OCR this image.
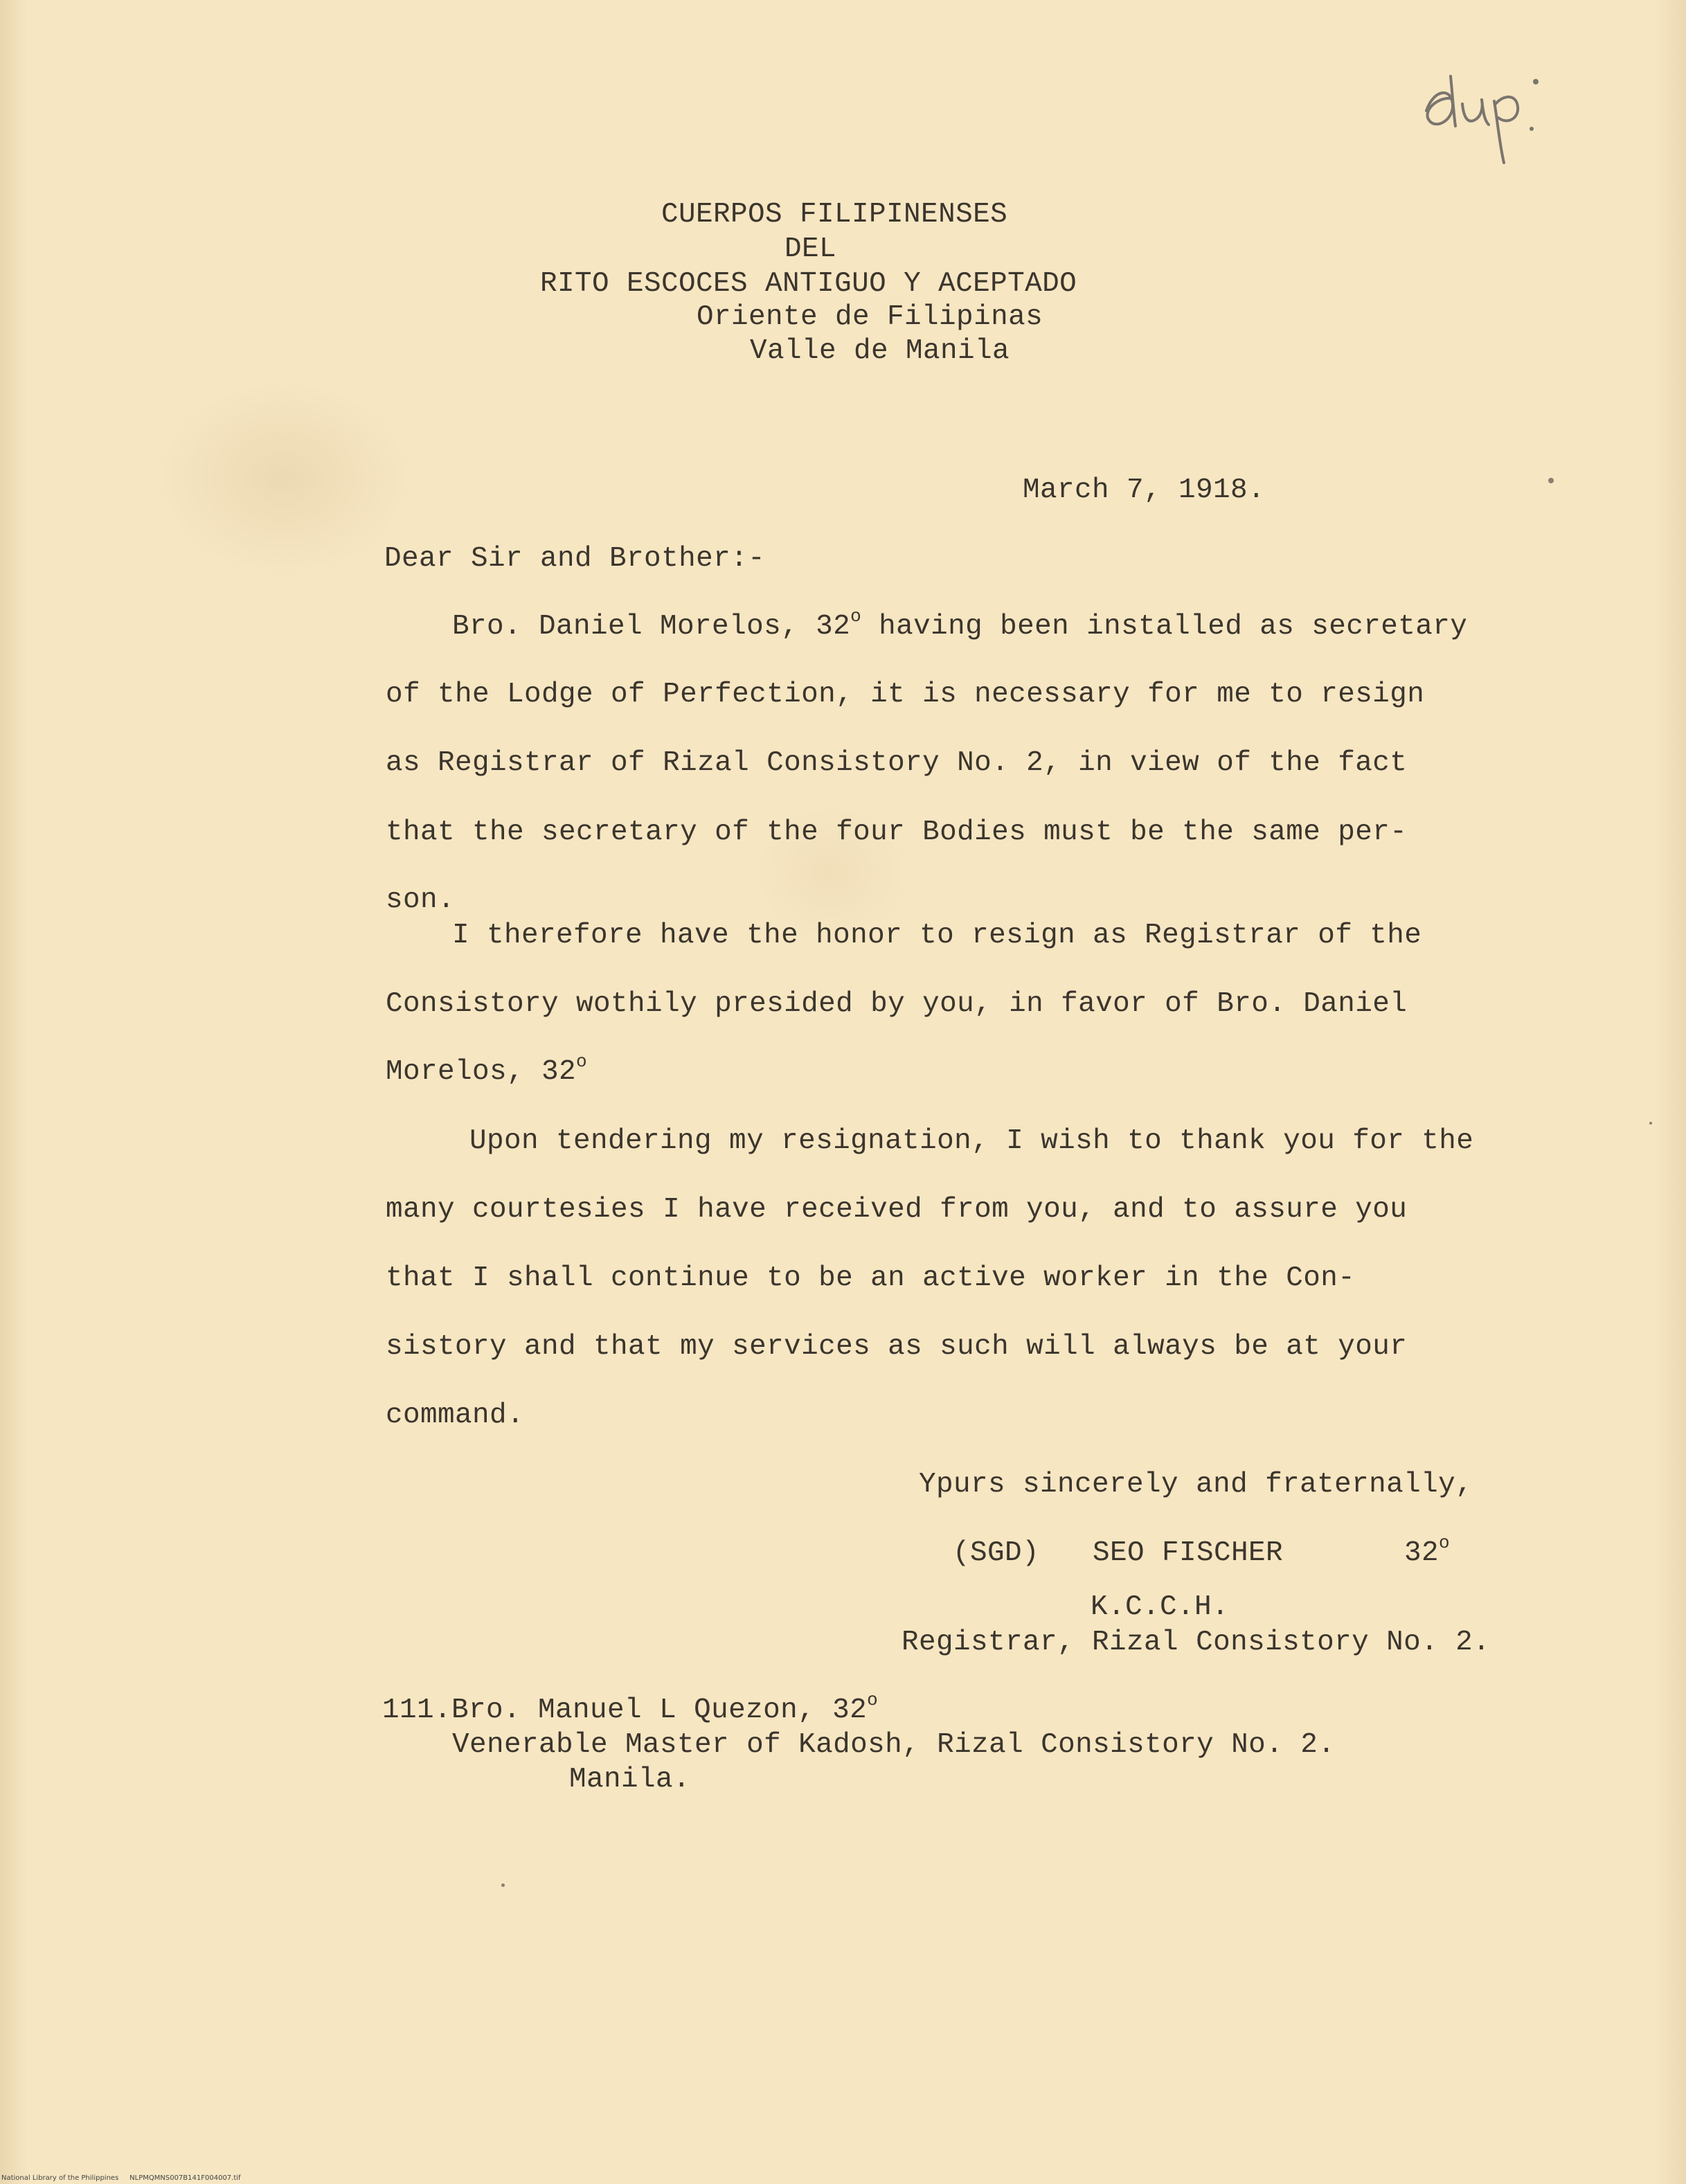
CUERPOS FILIPINENSES
DEL
RITO ESCOCES ANTIGUO Y ACEPTADO
Oriente de Filipinas
Valle de Manila
March 7, 1918.
Dear Sir and Brother:-
Bro. Daniel Morelos, 32$^o$ having been installed as secretary
of the Lodge of Perfection, it is necessary for me to resign
as Registrar of Rizal Consistory No. 2, in view of the fact
that the secretary of the four Bodies must be the same per-
son.
I therefore have the honor to resign as Registrar of the
Consistory wothily presided by you, in favor of Bro. Daniel
Morelos, 32$^o$
Upon tendering my resignation, I wish to thank you for the
many courtesies I have received from you, and to assure you
that I shall continue to be an active worker in the Con-
sistory and that my services as such will always be at your
command.
Ypurs sincerely and fraternally,
(SGD) SEO FISCHER	32$^o$
K.C.C.H.
Registrar, Rizal Consistory No. 2.
111.Bro. Manuel L Quezon, 32$^o$
Venerable Master of Kadosh, Rizal Consistory No. 2.
Manila.
National Library of the Philippines     NLPMQMNS007B141F004007.tif
